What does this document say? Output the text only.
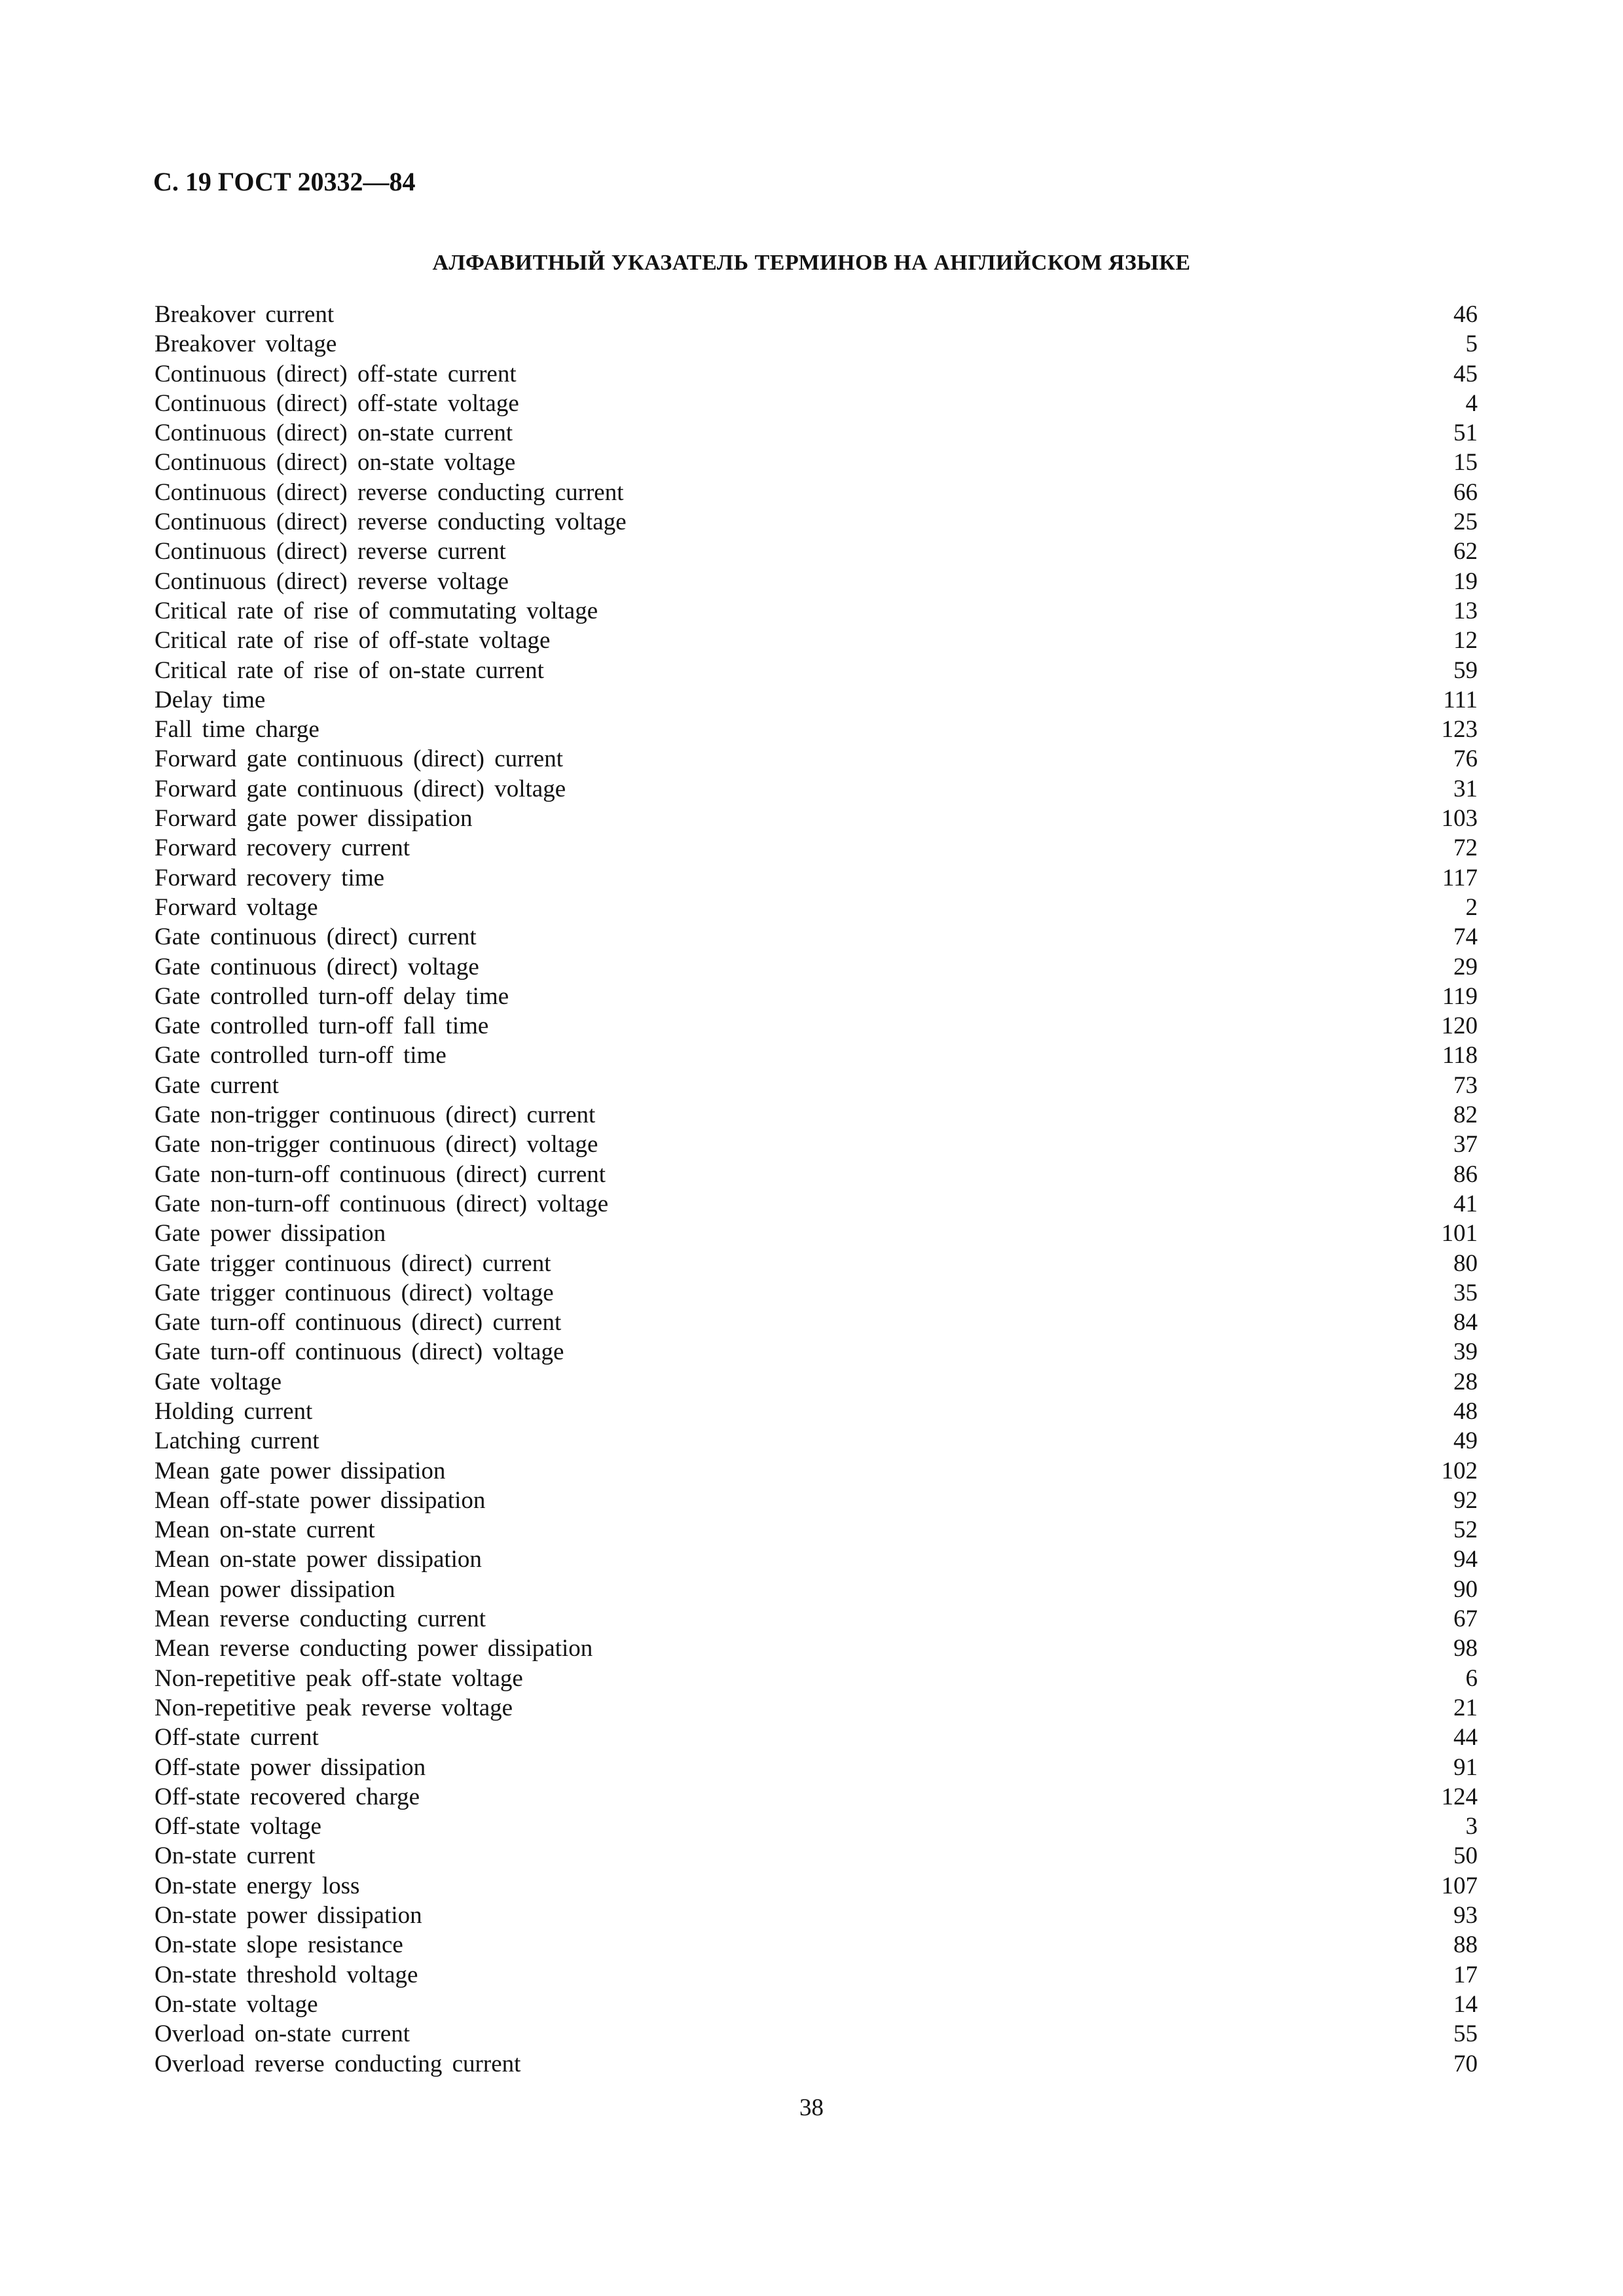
С. 19 ГОСТ 20332—84
АЛФАВИТНЫЙ УКАЗАТЕЛЬ ТЕРМИНОВ НА АНГЛИЙСКОМ ЯЗЫКЕ
Breakover current	46
Breakover voltage	5
Continuous (direct) off-state current	45
Continuous (direct) off-state voltage	4
Continuous (direct) on-state current	51
Continuous (direct) on-state voltage	15
Continuous (direct) reverse conducting current	66
Continuous (direct) reverse conducting voltage	25
Continuous (direct) reverse current	62
Continuous (direct) reverse voltage	19
Critical rate of rise of commutating voltage	13
Critical rate of rise of off-state voltage	12
Critical rate of rise of on-state current	59
Delay time	111
Fall time charge	123
Forward gate continuous (direct) current	76
Forward gate continuous (direct) voltage	31
Forward gate power dissipation	103
Forward recovery current	72
Forward recovery time	117
Forward voltage	2
Gate continuous (direct) current	74
Gate continuous (direct) voltage	29
Gate controlled turn-off delay time	119
Gate controlled turn-off fall time	120
Gate controlled turn-off time	118
Gate current	73
Gate non-trigger continuous (direct) current	82
Gate non-trigger continuous (direct) voltage	37
Gate non-turn-off continuous (direct) current	86
Gate non-turn-off continuous (direct) voltage	41
Gate power dissipation	101
Gate trigger continuous (direct) current	80
Gate trigger continuous (direct) voltage	35
Gate turn-off continuous (direct) current	84
Gate turn-off continuous (direct) voltage	39
Gate voltage	28
Holding current	48
Latching current	49
Mean gate power dissipation	102
Mean off-state power dissipation	92
Mean on-state current	52
Mean on-state power dissipation	94
Mean power dissipation	90
Mean reverse conducting current	67
Mean reverse conducting power dissipation	98
Non-repetitive peak off-state voltage	6
Non-repetitive peak reverse voltage	21
Off-state current	44
Off-state power dissipation	91
Off-state recovered charge	124
Off-state voltage	3
On-state current	50
On-state energy loss	107
On-state power dissipation	93
On-state slope resistance	88
On-state threshold voltage	17
On-state voltage	14
Overload on-state current	55
Overload reverse conducting current	70
38
